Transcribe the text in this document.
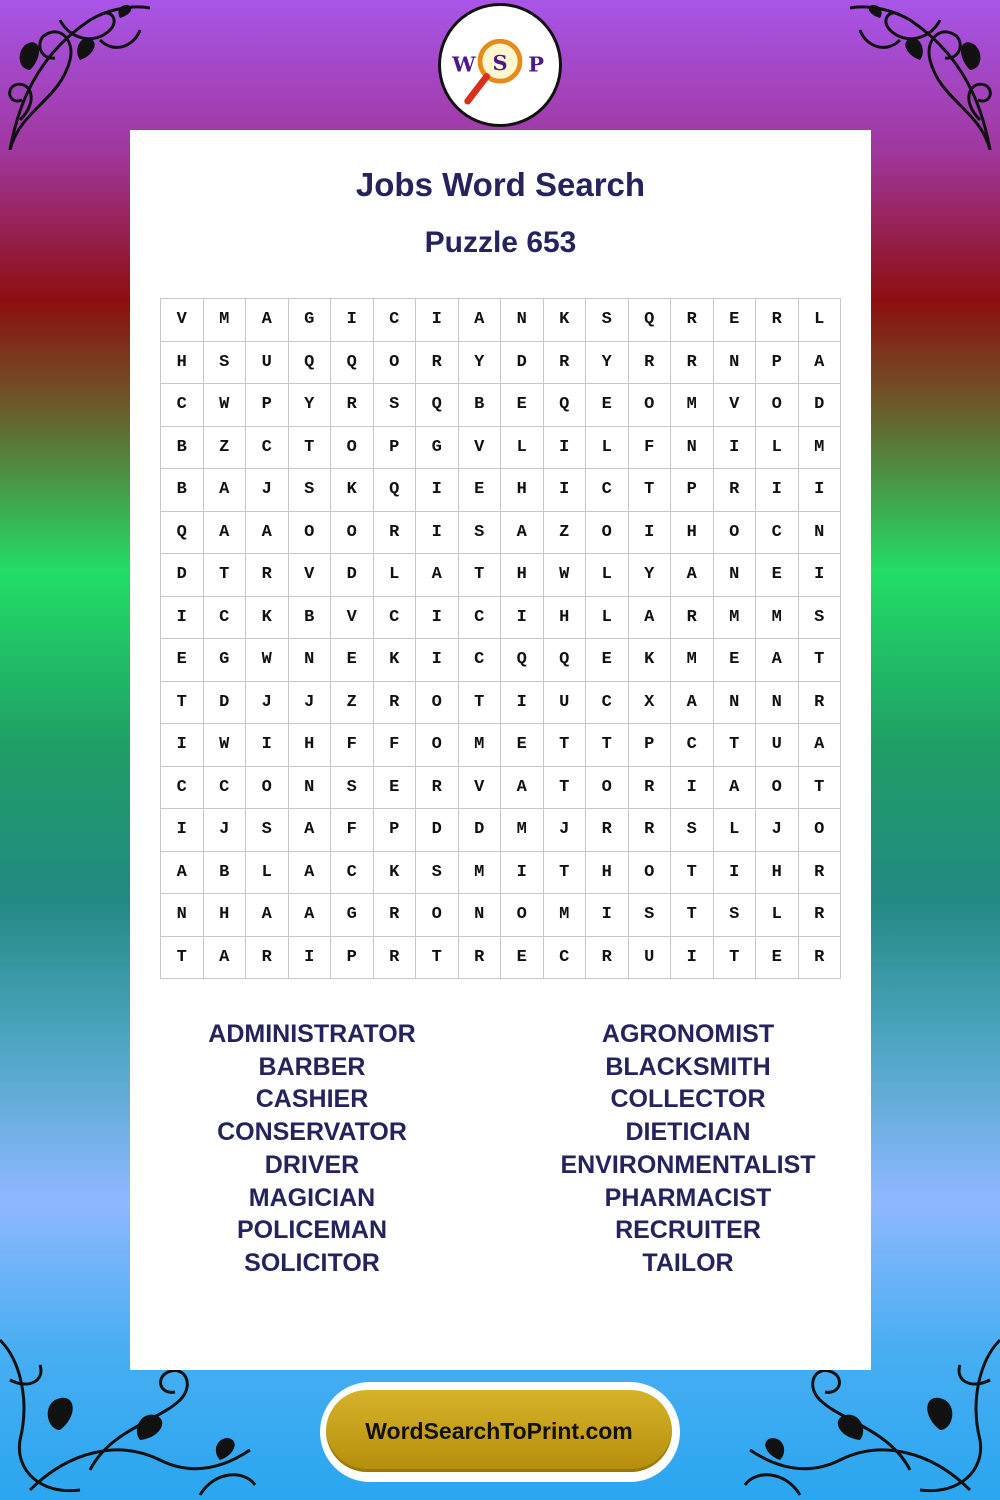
W S P
Jobs Word Search
Puzzle 653
V	M	A	G	I	C	I	A	N	K	S	Q	R	E	R	L
H	S	U	Q	Q	O	R	Y	D	R	Y	R	R	N	P	A
C	W	P	Y	R	S	Q	B	E	Q	E	O	M	V	O	D
B	Z	C	T	O	P	G	V	L	I	L	F	N	I	L	M
B	A	J	S	K	Q	I	E	H	I	C	T	P	R	I	I
Q	A	A	O	O	R	I	S	A	Z	O	I	H	O	C	N
D	T	R	V	D	L	A	T	H	W	L	Y	A	N	E	I
I	C	K	B	V	C	I	C	I	H	L	A	R	M	M	S
E	G	W	N	E	K	I	C	Q	Q	E	K	M	E	A	T
T	D	J	J	Z	R	O	T	I	U	C	X	A	N	N	R
I	W	I	H	F	F	O	M	E	T	T	P	C	T	U	A
C	C	O	N	S	E	R	V	A	T	O	R	I	A	O	T
I	J	S	A	F	P	D	D	M	J	R	R	S	L	J	O
A	B	L	A	C	K	S	M	I	T	H	O	T	I	H	R
N	H	A	A	G	R	O	N	O	M	I	S	T	S	L	R
T	A	R	I	P	R	T	R	E	C	R	U	I	T	E	R
ADMINISTRATOR
BARBER
CASHIER
CONSERVATOR
DRIVER
MAGICIAN
POLICEMAN
SOLICITOR
AGRONOMIST
BLACKSMITH
COLLECTOR
DIETICIAN
ENVIRONMENTALIST
PHARMACIST
RECRUITER
TAILOR
WordSearchToPrint.com
